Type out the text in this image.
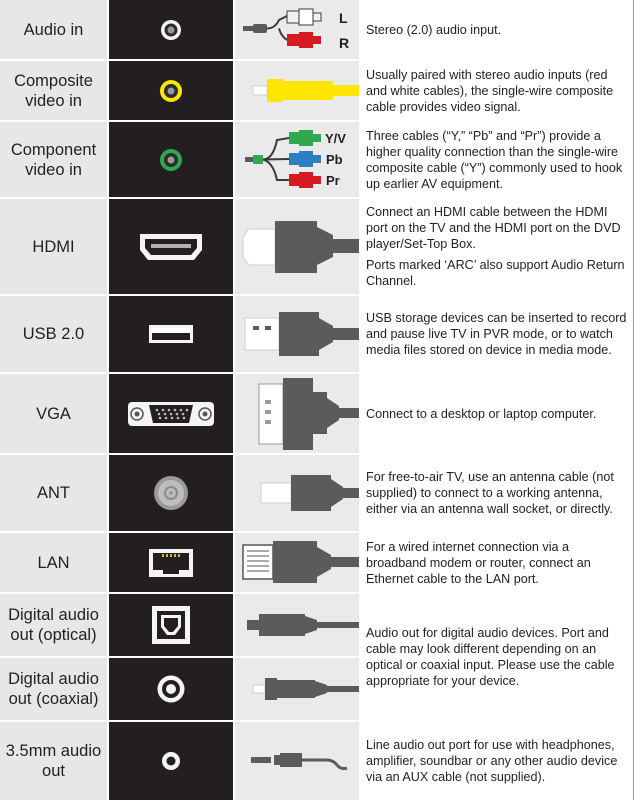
Audio in
L
R

Stereo (2.0) audio input.

Composite video in

Usually paired with stereo audio inputs (red and white cables), the single-wire composite cable provides video signal.

Component video in
Y/V
Pb
Pr

Three cables (“Y,” “Pb” and “Pr”) provide a higher quality connection than the single-wire composite cable (“Y”) commonly used to hook up earlier AV equipment.

HDMI

Connect an HDMI cable between the HDMI port on the TV and the HDMI port on the DVD player/Set-Top Box.

Ports marked ‘ARC’ also support Audio Return Channel.

USB 2.0

USB storage devices can be inserted to record and pause live TV in PVR mode, or to watch media files stored on device in media mode.

VGA	Connect to a desktop or laptop computer.

ANT

For free-to-air TV, use an antenna cable (not supplied) to connect to a working antenna, either via an antenna wall socket, or directly.

LAN

For a wired internet connection via a broadband modem or router, connect an Ethernet cable to the LAN port.

Digital audio out (optical)
Digital audio out (coaxial)

Audio out for digital audio devices. Port and cable may look different depending on an optical or coaxial input. Please use the cable appropriate for your device.

3.5mm audio out

Line audio out port for use with headphones, amplifier, soundbar or any other audio device via an AUX cable (not supplied).
